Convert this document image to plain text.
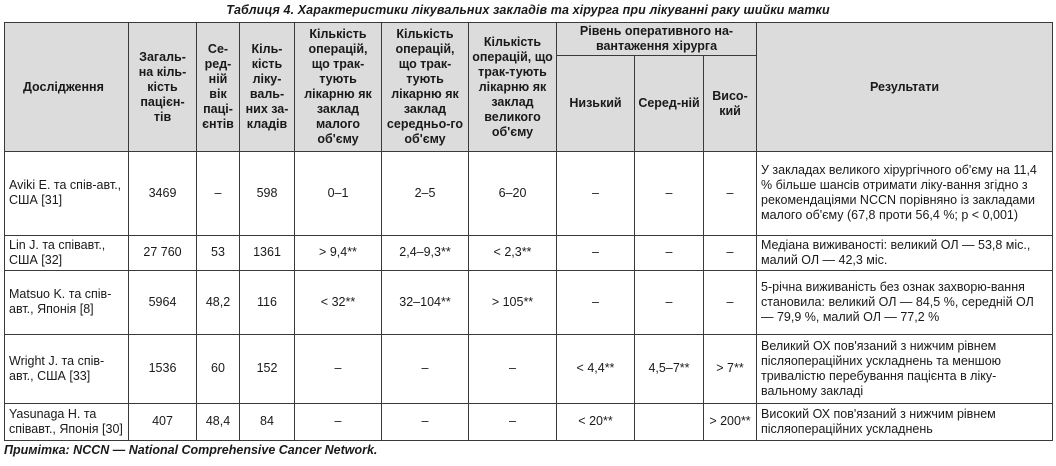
Таблиця 4. Характеристики лікувальних закладів та хірурга при лікуванні раку шийки матки
Дослідження	Загаль-на кіль-кість пацієн-тів	Се-ред-ній вік паці-єнтів	Кіль-кість ліку-валь-них за-кладів	Кількість операцій, що трак-тують лікарню як заклад малого об'єму	Кількість операцій, що трак-тують лікарню як заклад середньо-го об'єму	Кількість операцій, що трак-тують лікарню як заклад великого об'єму	Рівень оперативного на-вантаження хірурга			Результати
							Низький	Серед-ній	Висо-кий	
Aviki E. та спів-авт., США [31]	3469	–	598	0–1	2–5	6–20	–	–	–	У закладах великого хірургічного об'єму на 11,4 % більше шансів отримати ліку-вання згідно з рекомендаціями NCCN порівняно із закладами малого об'єму (67,8 проти 56,4 %; p < 0,001)
Lin J. та співавт., США [32]	27 760	53	1361	> 9,4**	2,4–9,3**	< 2,3**	–	–	–	Медіана виживаності: великий ОЛ — 53,8 міс., малий ОЛ — 42,3 міс.
Matsuo K. та спів-авт., Японія [8]	5964	48,2	116	< 32**	32–104**	> 105**	–	–	–	5-річна виживаність без ознак захворю-вання становила: великий ОЛ — 84,5 %, середній ОЛ — 79,9 %, малий ОЛ — 77,2 %
Wright J. та спів-авт., США [33]	1536	60	152	–	–	–	< 4,4**	4,5–7**	> 7**	Великий ОХ пов'язаний з нижчим рівнем післяопераційних ускладнень та меншою тривалістю перебування пацієнта в ліку-вальному закладі
Yasunaga H. та співавт., Японія [30]	407	48,4	84	–	–	–	< 20**		> 200**	Високий ОХ пов'язаний з нижчим рівнем післяопераційних ускладнень
Примітка: NCCN — National Comprehensive Cancer Network.
